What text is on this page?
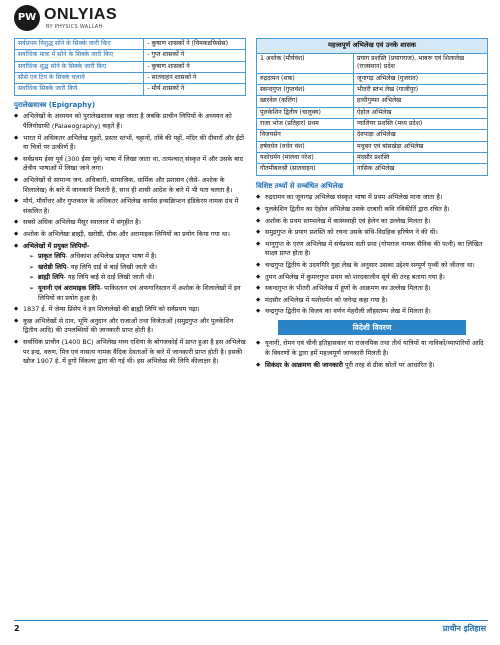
PW ONLYIAS
BY PHYSICS WALLAH
सर्वप्रथम विशुद्ध सोने के सिक्के जारी किए	- कुषाण शासकों ने (विमकडफिसेस)
सर्वाधिक मात्रा में सोने के सिक्के जारी किए	- गुप्त शासकों ने
सर्वाधिक शुद्ध सोने के सिक्के जारी किए	- कुषाण शासकों ने
सीसे एवं टिन के सिक्के चलाये	- सातवाहन शासकों ने
सर्वाधिक सिक्के जारी किये	- मौर्य शासकों ने
पुरालेखशास्त्र (Epigraphy)
◆ अभिलेखों के अध्ययन को पुरालेखशास्त्र कहा जाता है जबकि प्राचीन लिपियों के अध्ययन को पैलियोग्राफी (Palaeography) कहते हैं।
◆ भारत में अधिकतर अभिलेख मुहरों, प्रस्तर स्तंभों, चट्टानों, ताँबे की पट्टों, मंदिर की दीवारों और ईंटों या चित्रों पर उत्कीर्ण हैं।
◆ सर्वप्रथम ईसा पूर्व (300 ईसा पूर्व) भाषा में लिखा जाता था, तत्पश्चात् संस्कृत में और उसके बाद क्षेत्रीय भाषाओं में लिखा जाने लगा।
◆ अभिलेखों से सामान्य जन, अधिकारी, सामाजिक, धार्मिक और प्रशासन (जैसे- अशोक के शिलालेख) के बारे में जानकारी मिलती है, साथ ही शासी आदेश के बारे में भी पता चलता है।
◆ मौर्य, मौर्योत्तर और गुप्तकाल के अधिकतर अभिलेख कार्पस इन्सक्रिप्शन इंडिकेरम नामक ग्रंथ में संकलित है।
◆ सबसे अधिक अभिलेख मैसूर स्थालाल में संगृहीत है।
◆ अशोक के अभिलेखः ब्राह्मी, खरोष्ठी, ग्रीक और अरामाइक लिपियों का प्रयोग किया गया था।
◆ अभिलेखों में प्रयुक्त लिपियाँ-
➢ प्राकृत लिपि- अधिकांश अभिलेख प्राकृत भाषा में है।
➢ खरोष्ठी लिपि- यह लिपि दाईं से बाईं लिखी जाती थी।
➢ ब्राह्मी लिपि- यह लिपि बाईं से दाईं लिखी जाती थी।
➢ यूनानी एवं अरामाइक लिपि- पाकिस्तान एवं अफगानिस्तान में अशोक के शिलालेखों में इन लिपियों का प्रयोग हुआ है।
◆ 1837 ई. में जेम्स प्रिंसेप ने इन शिलालेखों की ब्राह्मी लिपि को सर्वप्रथम पढ़ा।
◆ कुछ अभिलेखों से दान, भूमि अनुदान और राजाओं तथा विजेताओं (समुद्रगुप्त और पुलकेशिन द्वितीय आदि) की उपलब्धियों की जानकारी प्राप्त होती है।
◆ सर्वाधिक प्राचीन (1400 BC) अभिलेख मध्य एशिया के बोगजकोई में प्राप्त हुआ है इस अभिलेख पर इन्द्र, वरुण, मित्र एवं नासत्य नामक वैदिक देवताओं के बारे में जानकारी प्राप्त होती है। इसकी खोज 1907 ई. में हूगो विंकलर द्वारा की गई थी। इस अभिलेख की लिपि कीलाक्षर है।
महत्त्वपूर्ण अभिलेख एवं उनके शासक	
1 अशोक (मौर्यवंश)	प्रयाग प्रशस्ति (प्रयागराज), भाबरू एवं शिलालेख (राजस्थान) प्रदेश
रुद्रदामन (शक)	जूनागढ़ अभिलेख (गुजरात)
स्कन्दगुप्त (गुप्तवंश)	भीतरी स्तंभ लेख (गाजीपुर)
खारवेल (कलिंग)	हाथीगुम्फा अभिलेख
पुलकेशिन द्वितीय (चालुक्य)	ऐहोल अभिलेख
राजा भोज (प्रतिहार) प्रथम	ग्वालियर प्रशस्ति (मध्य प्रदेश)
विजयसेन	देवपाड़ा अभिलेख
हर्षवर्धन (वर्धन वंश)	मधुबन एवं बांसखेड़ा अभिलेख
यशोधर्मन (मालवा नरेश)	मंदसौर प्रशस्ति
गौतमीबलश्री (सातवाहन)	नासिक अभिलेख
विशिष्ट तथ्यों से सम्बंधित अभिलेख
◆ रुद्रदामन का जूनागढ़ अभिलेख संस्कृत भाषा में प्रथम अभिलेख माना जाता है।
◆ पुलकेशिन द्वितीय का ऐहोल अभिलेख उसके दरबारी कवि रविकीर्ति द्वारा रचित है।
◆ अशोक के प्रथम स्तम्भलेख में कास्यवाही एवं हेलेन का उल्लेख मिलता है।
◆ समुद्रगुप्त के प्रयाग प्रशस्ति को रचना उसके संधि-विग्रहिक हरिषेण ने की थी।
◆ भानुगुप्त के एरण अभिलेख में सर्वप्रथम सती प्रथा (गोपराज नामक सैनिक की पत्नी) का लिखित साक्ष्य प्राप्त होता है।
◆ चन्द्रगुप्त द्वितीय के उदयगिरि गुहा लेख के अनुसार उसका उद्देश्य सम्पूर्ण पृथ्वी को जीतना था।
◆ तुमन अभिलेख में कुमारगुप्त प्रथम को शरदकालीन सूर्य की तरह बताया गया है।
◆ स्कन्दगुप्त के भीतरी अभिलेख में हूणों के आक्रमण का उल्लेख मिलता है।
◆ मंदसौर अभिलेख में यशोधर्मन को जनेन्द्र कहा गया है।
◆ चन्द्रगुप्त द्वितीय के विजय का वर्णन मेहरौली लौहस्तम्भ लेख में मिलता है।
विदेशी विवरण
◆ यूनानी, रोमन एवं चीनी इतिहासकार या राजनयिक तथा तीर्थ यात्रियों या नाविकों/व्यापारियों आदि के विवरणों के द्वारा हमें महत्त्वपूर्ण जानकारी मिलती है।
◆ सिकंदर के आक्रमण की जानकारी पूरी तरह से ग्रीक स्रोतों पर आधारित है।
2	प्राचीन इतिहास
